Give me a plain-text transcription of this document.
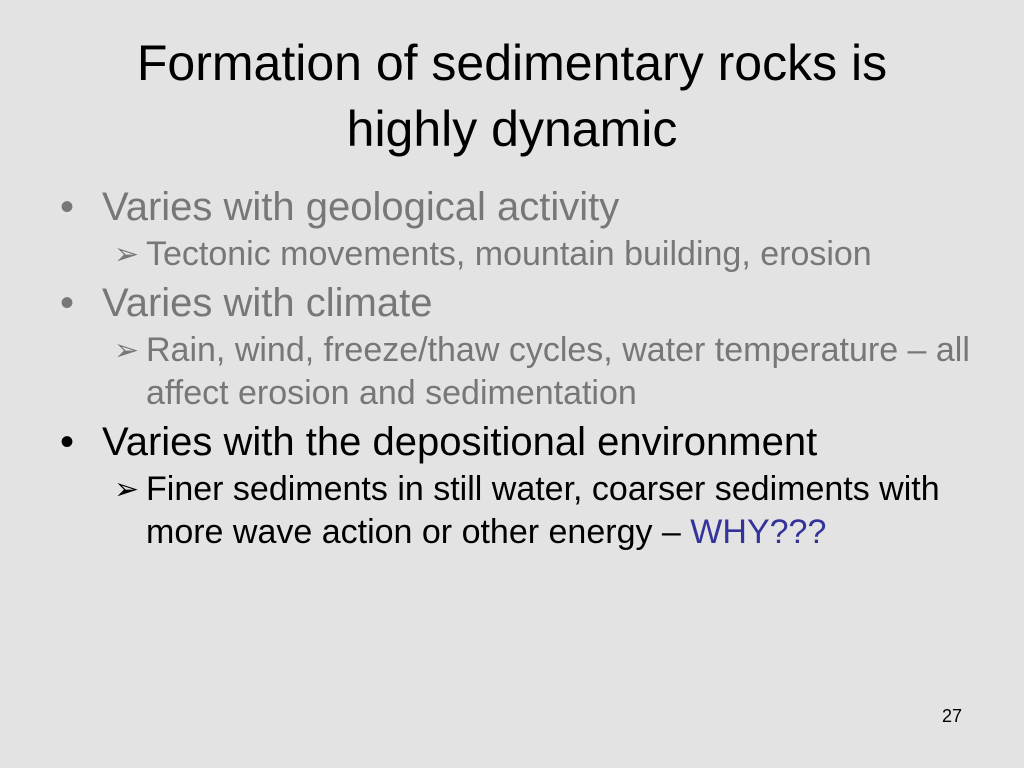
Formation of sedimentary rocks is
highly dynamic
• Varies with geological activity
➢ Tectonic movements, mountain building, erosion
• Varies with climate
➢ Rain, wind, freeze/thaw cycles, water temperature – all affect erosion and sedimentation
• Varies with the depositional environment
➢ Finer sediments in still water, coarser sediments with more wave action or other energy – WHY???
27
